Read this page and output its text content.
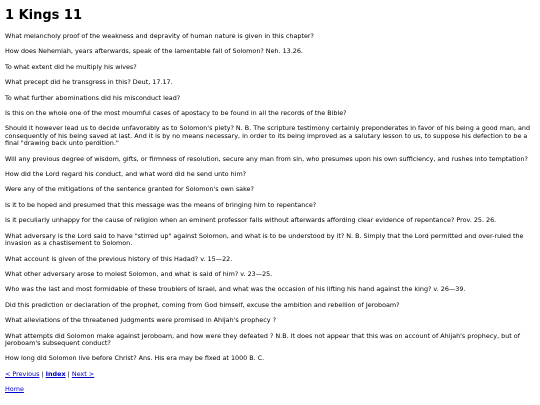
1 Kings 11

What melancholy proof of the weakness and depravity of human nature is given in this chapter?

How does Nehemiah, years afterwards, speak of the lamentable fall of Solomon? Neh. 13.26.

To what extent did he multiply his wives?

What precept did he transgress in this? Deut, 17.17.

To what further abominations did his misconduct lead?

Is this on the whole one of the most mournful cases of apostacy to be found in all the records of the Bible?

Should it however lead us to decide unfavorably as to Solomon's piety? N. B. The scripture testimony certainly preponderates in favor of his being a good man, and consequently of his being saved at last. And it is by no means necessary, in order to its being improved as a salutary lesson to us, to suppose his defection to be a final "drawing back unto perdition."

Will any previous degree of wisdom, gifts, or firmness of resolution, secure any man from sin, who presumes upon his own sufficiency, and rushes into temptation?

How did the Lord regard his conduct, and what word did he send unto him?

Were any of the mitigations of the sentence granted for Solomon's own sake?

Is it to be hoped and presumed that this message was the means of bringing him to repentance?

Is it peculiarly unhappy for the cause of religion when an eminent professor falls without afterwards affording clear evidence of repentance? Prov. 25. 26.

What adversary is the Lord said to have "stirred up" against Solomon, and what is to be understood by it? N. B. Simply that the Lord permitted and over-ruled the invasion as a chastisement to Solomon.

What account is given of the previous history of this Hadad? v. 15—22.

What other adversary arose to molest Solomon, and what is said of him? v. 23—25.

Who was the last and most formidable of these troublers of Israel, and what was the occasion of his lifting his hand against the king? v. 26—39.

Did this prediction or declaration of the prophet, coming from God himself, excuse the ambition and rebellion of Jeroboam?

What alleviations of the threatened judgments were promised in Ahijah's prophecy ?

What attempts did Solomon make against Jeroboam, and how were they defeated ? N.B. It does not appear that this was on account of Ahijah's prophecy, but of Jeroboam's subsequent conduct?

How long did Solomon live before Christ? Ans. His era may be fixed at 1000 B. C.

< Previous | Index | Next >
Home
